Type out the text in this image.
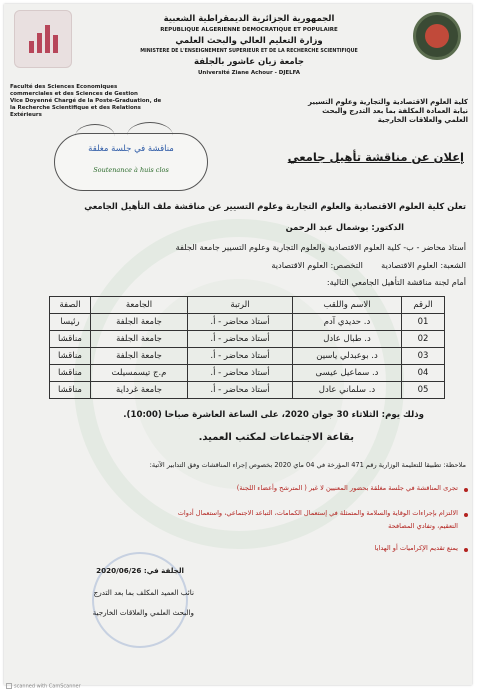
الجمهورية الجزائرية الديمقراطية الشعبية
REPUBLIQUE ALGERIENNE DEMOCRATIQUE ET POPULAIRE
وزارة التعليم العالي والبحث العلمي
MINISTERE DE L'ENSEIGNEMENT SUPERIEUR ET DE LA RECHERCHE SCIENTIFIQUE
جامعة زيان عاشور بالجلفة
Université Ziane Achour - DJELFA
Faculté des Sciences Economiques
commerciales et des Sciences de Gestion
Vice Doyenné Chargé de la Poste-Graduation, de
la Recherche Scientifique et des Relations
Extérieurs
كلية العلوم الاقتصادية والتجارية وعلوم التسيير
نيابة العمادة المكلفة بما بعد التدرج والبحث
العلمي والعلاقات الخارجية
إعلان عن مناقشة تأهيل جامعي
مناقشة في جلسة مغلقة
Soutenance à huis clos
تعلن كلية العلوم الاقتصادية والعلوم التجارية وعلوم التسيير عن مناقشة ملف التأهيل الجامعي
الدكتور: بوشمال عبد الرحمن
أستاذ محاضر - ب- كلية العلوم الاقتصادية والعلوم التجارية وعلوم التسيير جامعة الجلفة
الشعبة: العلوم الاقتصادية       التخصص: العلوم الاقتصادية
أمام لجنة مناقشة التأهيل الجامعي التالية:
الرقم	الاسم واللقب	الرتبة	الجامعة	الصفة
01	د. حديدي آدم	أستاذ محاضر - أ.	جامعة الجلفة	رئيسا
02	د. طبال عادل	أستاذ محاضر - أ.	جامعة الجلفة	مناقشا
03	د. بوعبدلي ياسين	أستاذ محاضر - أ.	جامعة الجلفة	مناقشا
04	د. سماعيل عيسى	أستاذ محاضر - أ.	م.ج تيسمسيلت	مناقشا
05	د. سلماني عادل	أستاذ محاضر - أ.	جامعة غرداية	مناقشا
وذلك يوم: الثلاثاء 30 جوان 2020، على الساعة العاشرة صباحا (10:00).
بقاعة الاجتماعات لمكتب العميد.
ملاحظة: تطبيقا للتعليمة الوزارية رقم 471 المؤرخة في 04 ماي 2020 بخصوص إجراء المناقشات وفق التدابير الآتية:
تجرى المناقشة في جلسة مغلقة بحضور المعنيين لا غير ( المترشح وأعضاء اللجنة)
الالتزام بإجراءات الوقاية والسلامة والمتمثلة في إستعمال الكمامات، التباعد الاجتماعي، واستعمال أدوات
التعقيم، وتفادي المصافحة
يمنع تقديم الإكراميات أو الهدايا
الجلفة في: 2020/06/26
نائب العميد المكلف بما بعد التدرج
والبحث العلمي والعلاقات الخارجية
scanned with CamScanner
